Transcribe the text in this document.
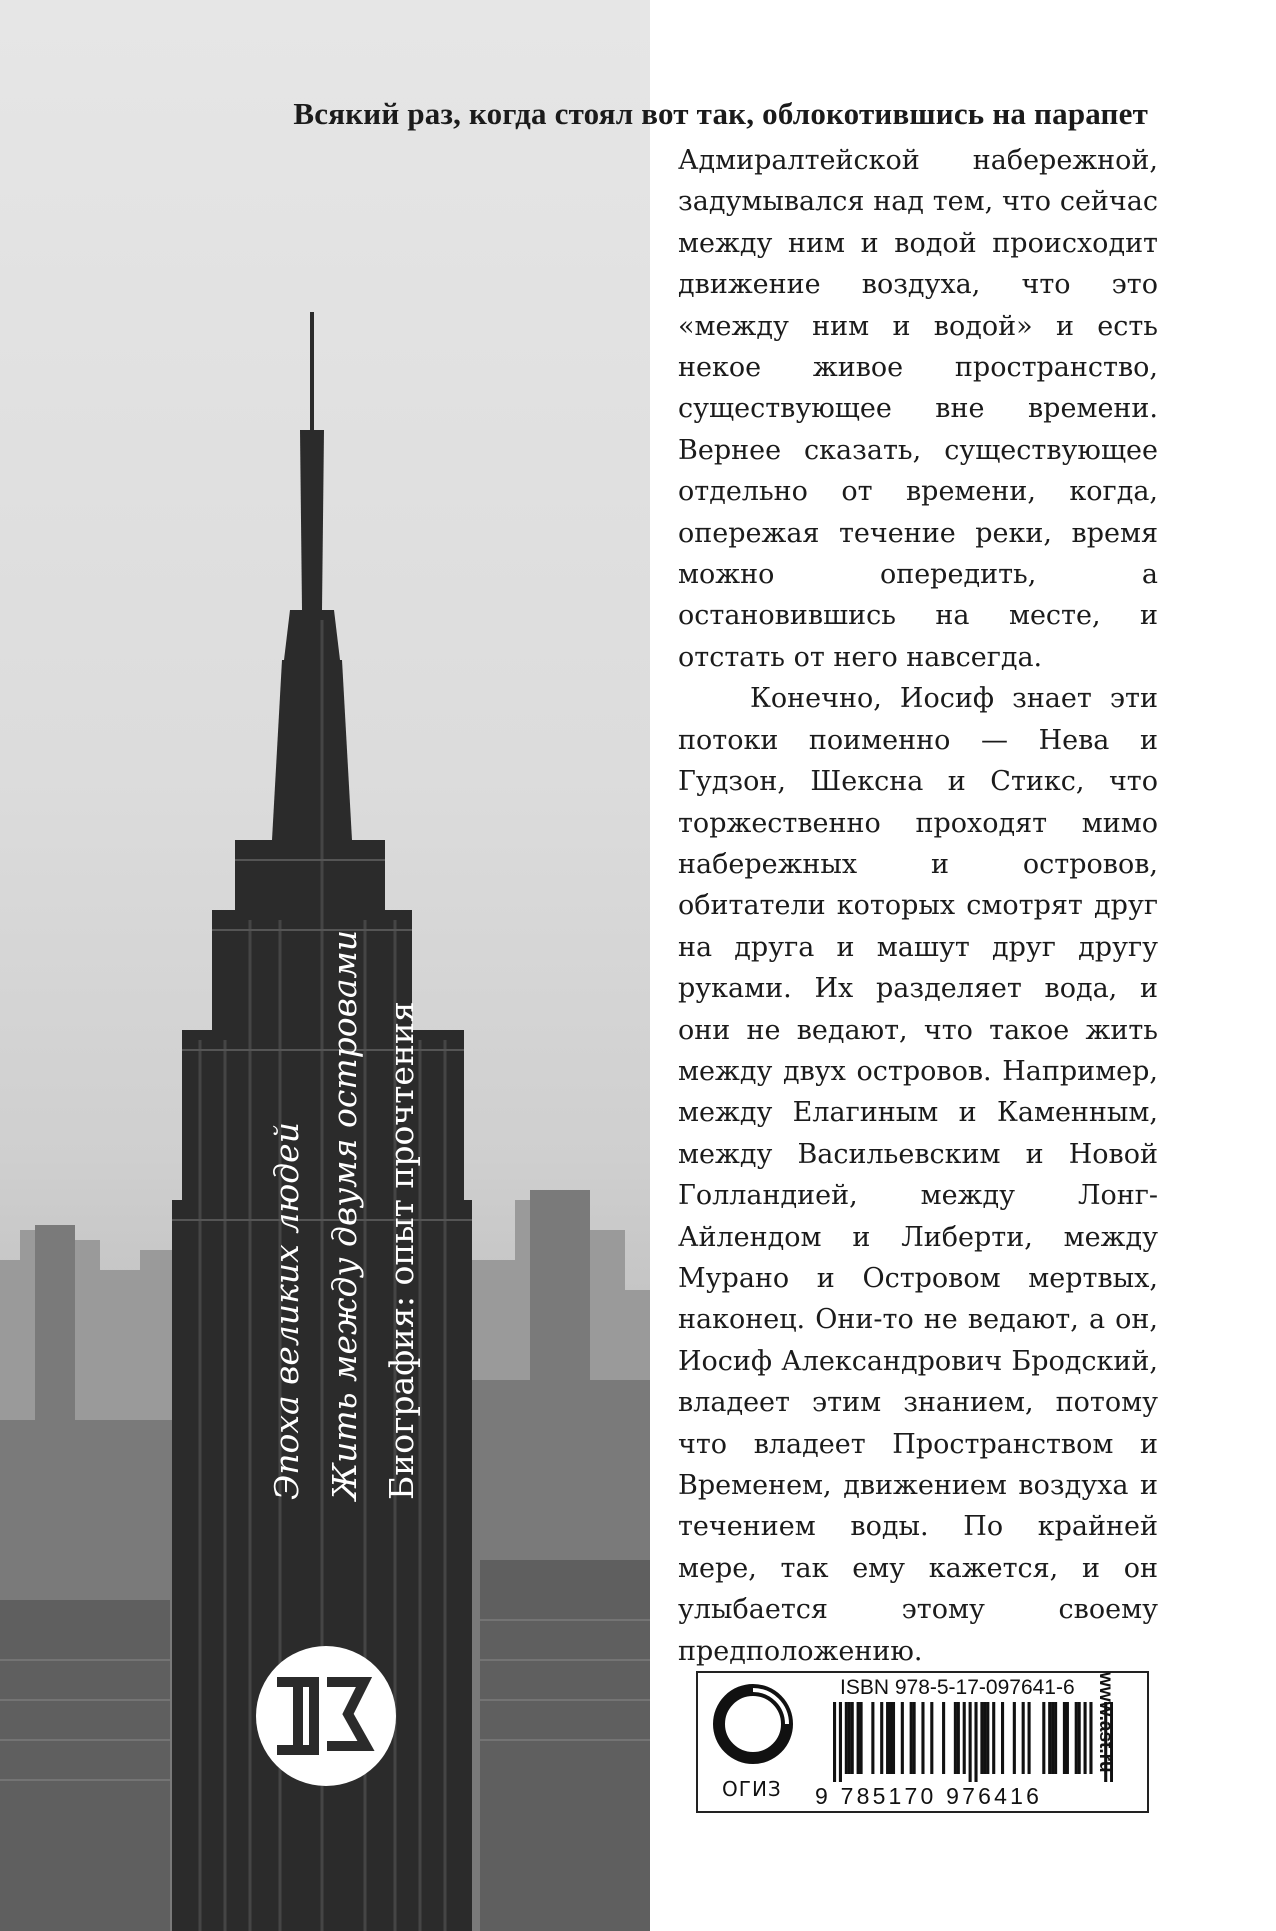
Эпоха великих людей Жить между двумя островами Биография: опыт прочтения
Всякий раз, когда стоял вот так, облокотившись на парапет

Адмиралтейской набережной, задумывался над тем, что сейчас между ним и водой происходит движение воздуха, что это «между ним и водой» и есть некое живое пространство, существующее вне времени. Вернее сказать, существующее отдельно от времени, когда, опережая течение реки, время можно опередить, а остановившись на месте, и отстать от него навсегда.

Конечно, Иосиф знает эти потоки поименно — Нева и Гудзон, Шексна и Стикс, что торжественно проходят мимо набережных и островов, обитатели которых смотрят друг на друга и машут друг другу руками. Их разделяет вода, и они не ведают, что такое жить между двух островов. Например, между Елагиным и Каменным, между Васильевским и Новой Голландией, между Лонг-Айлендом и Либерти, между Мурано и Островом мертвых, наконец. Они-то не ведают, а он, Иосиф Александрович Бродский, владеет этим знанием, потому что владеет Пространством и Временем, движением воздуха и течением воды. По крайней мере, так ему кажется, и он улыбается этому своему предположению.

ОГИЗ
ISBN 978-5-17-097641-6
9 785170 976416
www.ast.ru
